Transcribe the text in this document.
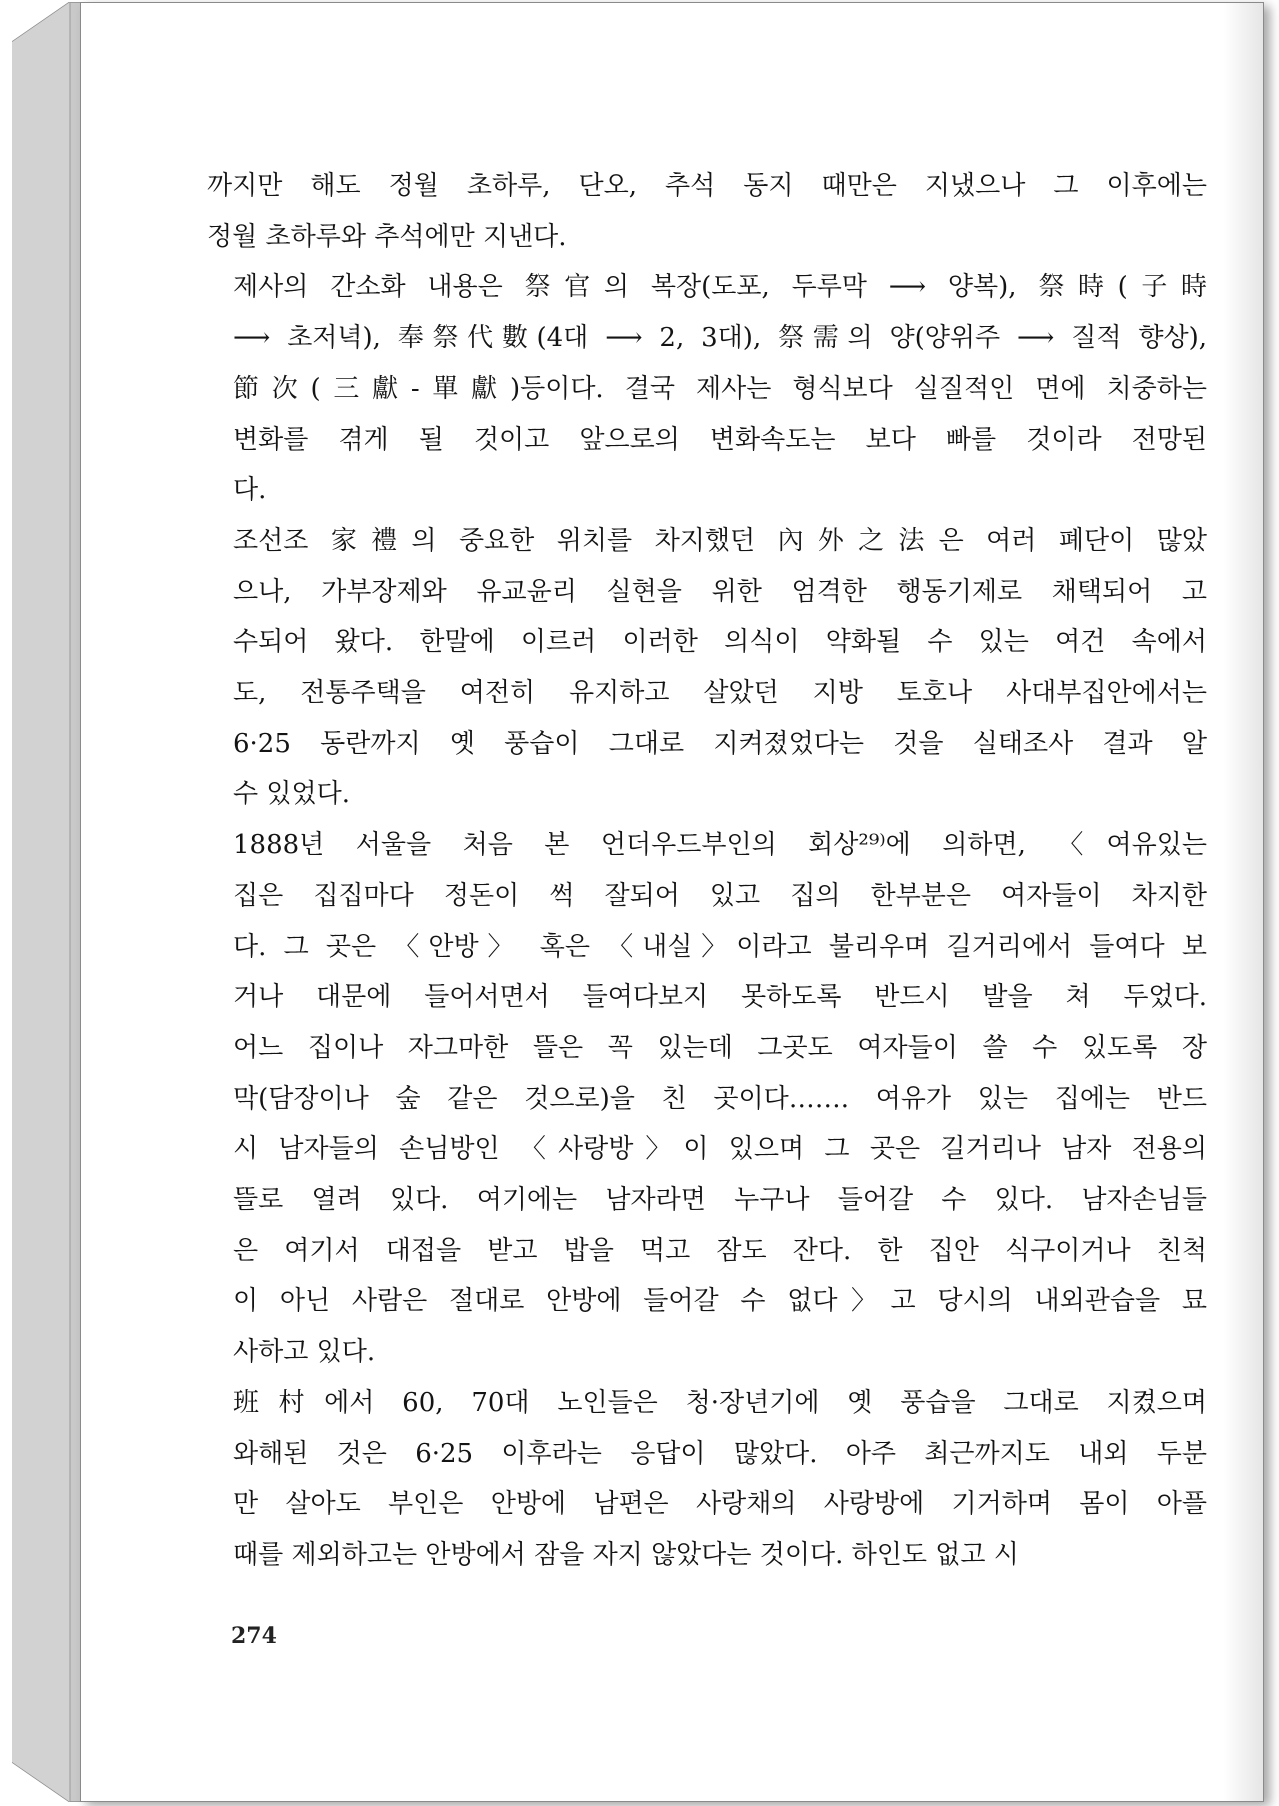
까지만 해도 정월 초하루, 단오, 추석 동지 때만은 지냈으나 그 이후에는
정월 초하루와 추석에만 지낸다.
제사의 간소화 내용은 祭官의 복장(도포, 두루막 ⟶ 양복), 祭時(子時
⟶ 초저녁), 奉祭代數(4대 ⟶ 2, 3대), 祭需의 양(양위주 ⟶ 질적 향상),
節次(三獻-單獻)등이다. 결국 제사는 형식보다 실질적인 면에 치중하는
변화를 겪게 될 것이고 앞으로의 변화속도는 보다 빠를 것이라 전망된
다.
조선조 家禮의 중요한 위치를 차지했던 內外之法은 여러 폐단이 많았
으나, 가부장제와 유교윤리 실현을 위한 엄격한 행동기제로 채택되어 고
수되어 왔다. 한말에 이르러 이러한 의식이 약화될 수 있는 여건 속에서
도, 전통주택을 여전히 유지하고 살았던 지방 토호나 사대부집안에서는
6·25 동란까지 옛 풍습이 그대로 지켜졌었다는 것을 실태조사 결과 알
수 있었다.
1888년 서울을 처음 본 언더우드부인의 회상²⁹⁾에 의하면, 〈여유있는
집은 집집마다 정돈이 썩 잘되어 있고 집의 한부분은 여자들이 차지한
다. 그 곳은 〈안방〉 혹은 〈내실〉이라고 불리우며 길거리에서 들여다 보
거나 대문에 들어서면서 들여다보지 못하도록 반드시 발을 쳐 두었다.
어느 집이나 자그마한 뜰은 꼭 있는데 그곳도 여자들이 쓸 수 있도록 장
막(담장이나 숲 같은 것으로)을 친 곳이다……. 여유가 있는 집에는 반드
시 남자들의 손님방인 〈사랑방〉이 있으며 그 곳은 길거리나 남자 전용의
뜰로 열려 있다. 여기에는 남자라면 누구나 들어갈 수 있다. 남자손님들
은 여기서 대접을 받고 밥을 먹고 잠도 잔다. 한 집안 식구이거나 친척
이 아닌 사람은 절대로 안방에 들어갈 수 없다〉고 당시의 내외관습을 묘
사하고 있다.
班村에서 60, 70대 노인들은 청·장년기에 옛 풍습을 그대로 지켰으며
와해된 것은 6·25 이후라는 응답이 많았다. 아주 최근까지도 내외 두분
만 살아도 부인은 안방에 남편은 사랑채의 사랑방에 기거하며 몸이 아플
때를 제외하고는 안방에서 잠을 자지 않았다는 것이다. 하인도 없고 시
274
